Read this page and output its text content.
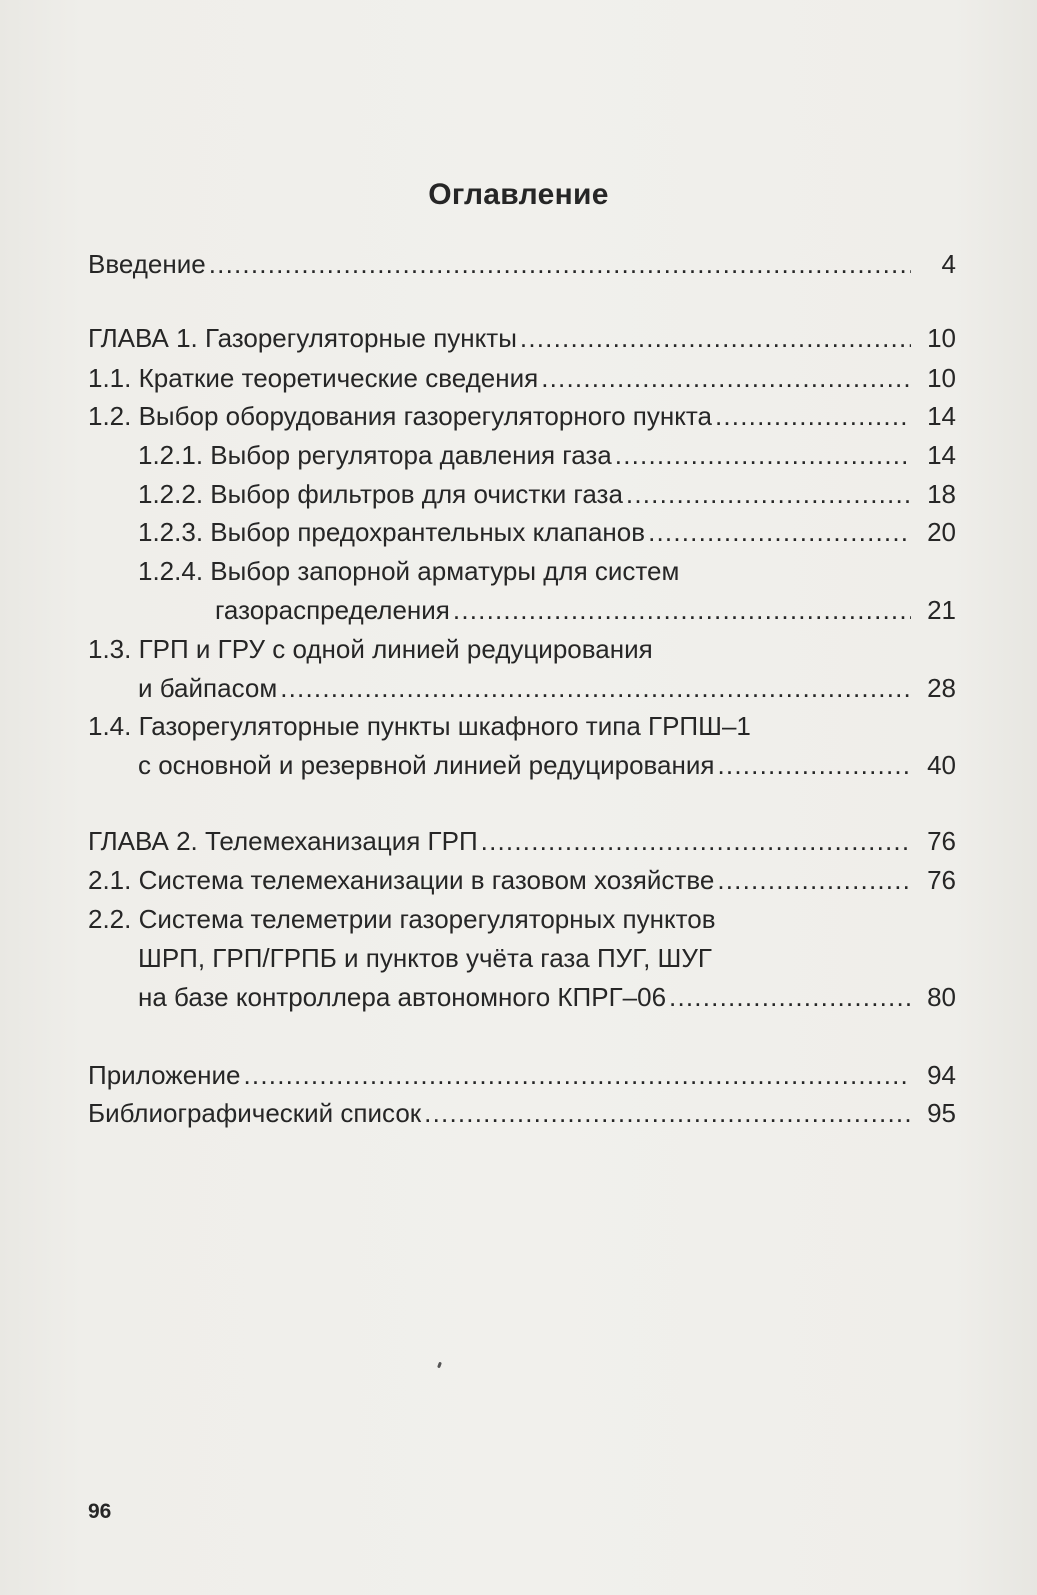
Оглавление
Введение .....	4
ГЛАВА 1. Газорегуляторные пункты .....	10
1.1. Краткие теоретические сведения .....	10
1.2. Выбор оборудования газорегуляторного пункта .....	14
1.2.1. Выбор регулятора давления газа .....	14
1.2.2. Выбор фильтров для очистки газа .....	18
1.2.3. Выбор предохрантельных клапанов .....	20
1.2.4. Выбор запорной арматуры для систем
газораспределения .....	21
1.3. ГРП и ГРУ с одной линией редуцирования
и байпасом .....	28
1.4. Газорегуляторные пункты шкафного типа ГРПШ–1
с основной и резервной линией редуцирования .....	40
ГЛАВА 2. Телемеханизация ГРП .....	76
2.1. Система телемеханизации в газовом хозяйстве .....	76
2.2. Система телеметрии газорегуляторных пунктов
ШРП, ГРП/ГРПБ и пунктов учёта газа ПУГ, ШУГ
на базе контроллера автономного КПРГ–06 .....	80
Приложение .....	94
Библиографический список .....	95
96
